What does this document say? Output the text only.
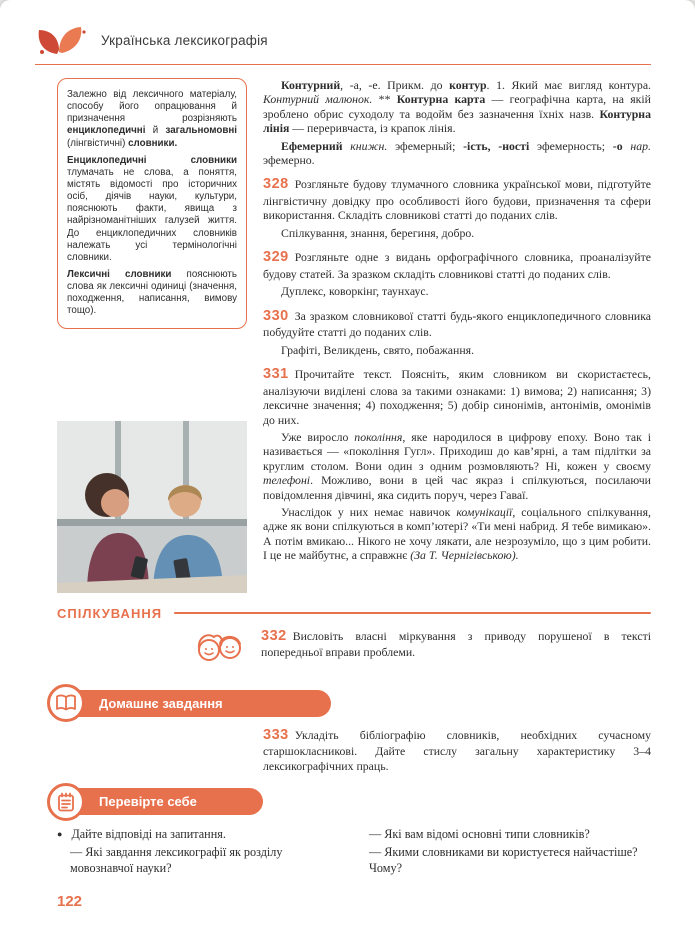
Українська лексикографія

Залежно від лексичного матеріалу, способу його опрацювання й призначення розрізняють енциклопедичні й загальномовні (лінгвістичні) словники.

Енциклопедичні словники тлумачать не слова, а поняття, містять відомості про історичних осіб, діячів науки, культури, пояснюють факти, явища з найрізноманітніших галузей життя. До енциклопедичних словників належать усі термінологічні словники.

Лексичні словники пояснюють слова як лексичні одиниці (значення, походження, написання, вимову тощо).

Контурний, -а, -е. Прикм. до контур. 1. Який має вигляд контура. Контурний малюнок. ** Контурна карта — географічна карта, на якій зроблено обрис суходолу та водойм без зазначення їхніх назв. Контурна лінія — переривчаста, із крапок лінія.

Ефемерний книжн. эфемерный; -ість, -ності эфемерность; -о нар. эфемерно.

328 Розгляньте будову тлумачного словника української мови, підготуйте лінгвістичну довідку про особливості його будови, призначення та сфери використання. Складіть словникові статті до поданих слів.

Спілкування, знання, берегиня, добро.

329 Розгляньте одне з видань орфографічного словника, проаналізуйте будову статей. За зразком складіть словникові статті до поданих слів.

Дуплекс, коворкінг, таунхаус.

330 За зразком словникової статті будь-якого енциклопедичного словника побудуйте статті до поданих слів.

Графіті, Великдень, свято, побажання.

331 Прочитайте текст. Поясніть, яким словником ви скористаєтесь, аналізуючи виділені слова за такими ознаками: 1) вимова; 2) написання; 3) лексичне значення; 4) походження; 5) добір синонімів, антонімів, омонімів до них.

Уже виросло покоління, яке народилося в цифрову епоху. Воно так і називається — «покоління Гугл». Приходиш до кав’ярні, а там підлітки за круглим столом. Вони один з одним розмовляють? Ні, кожен у своєму телефоні. Можливо, вони в цей час якраз і спілкуються, посилаючи повідомлення дівчині, яка сидить поруч, через Гаваї.

Унаслідок у них немає навичок комунікації, соціального спілкування, адже як вони спілкуються в комп’ютері? «Ти мені набрид. Я тебе вимикаю». А потім вмикаю... Нікого не хочу лякати, але незрозуміло, що з цим робити. І це не майбутнє, а справжнє (За Т. Чернігівською).

СПІЛКУВАННЯ

332 Висловіть власні міркування з приводу порушеної в тексті попередньої вправи проблеми.

Домашнє завдання

333 Укладіть бібліографію словників, необхідних сучасному старшокласникові. Дайте стислу загальну характеристику 3–4 лексикографічних праць.

Перевірте себе

● Дайте відповіді на запитання.

— Які завдання лексикографії як розділу мовознавчої науки?

— Які вам відомі основні типи словників?

— Якими словниками ви користуєтеся найчастіше? Чому?

122
